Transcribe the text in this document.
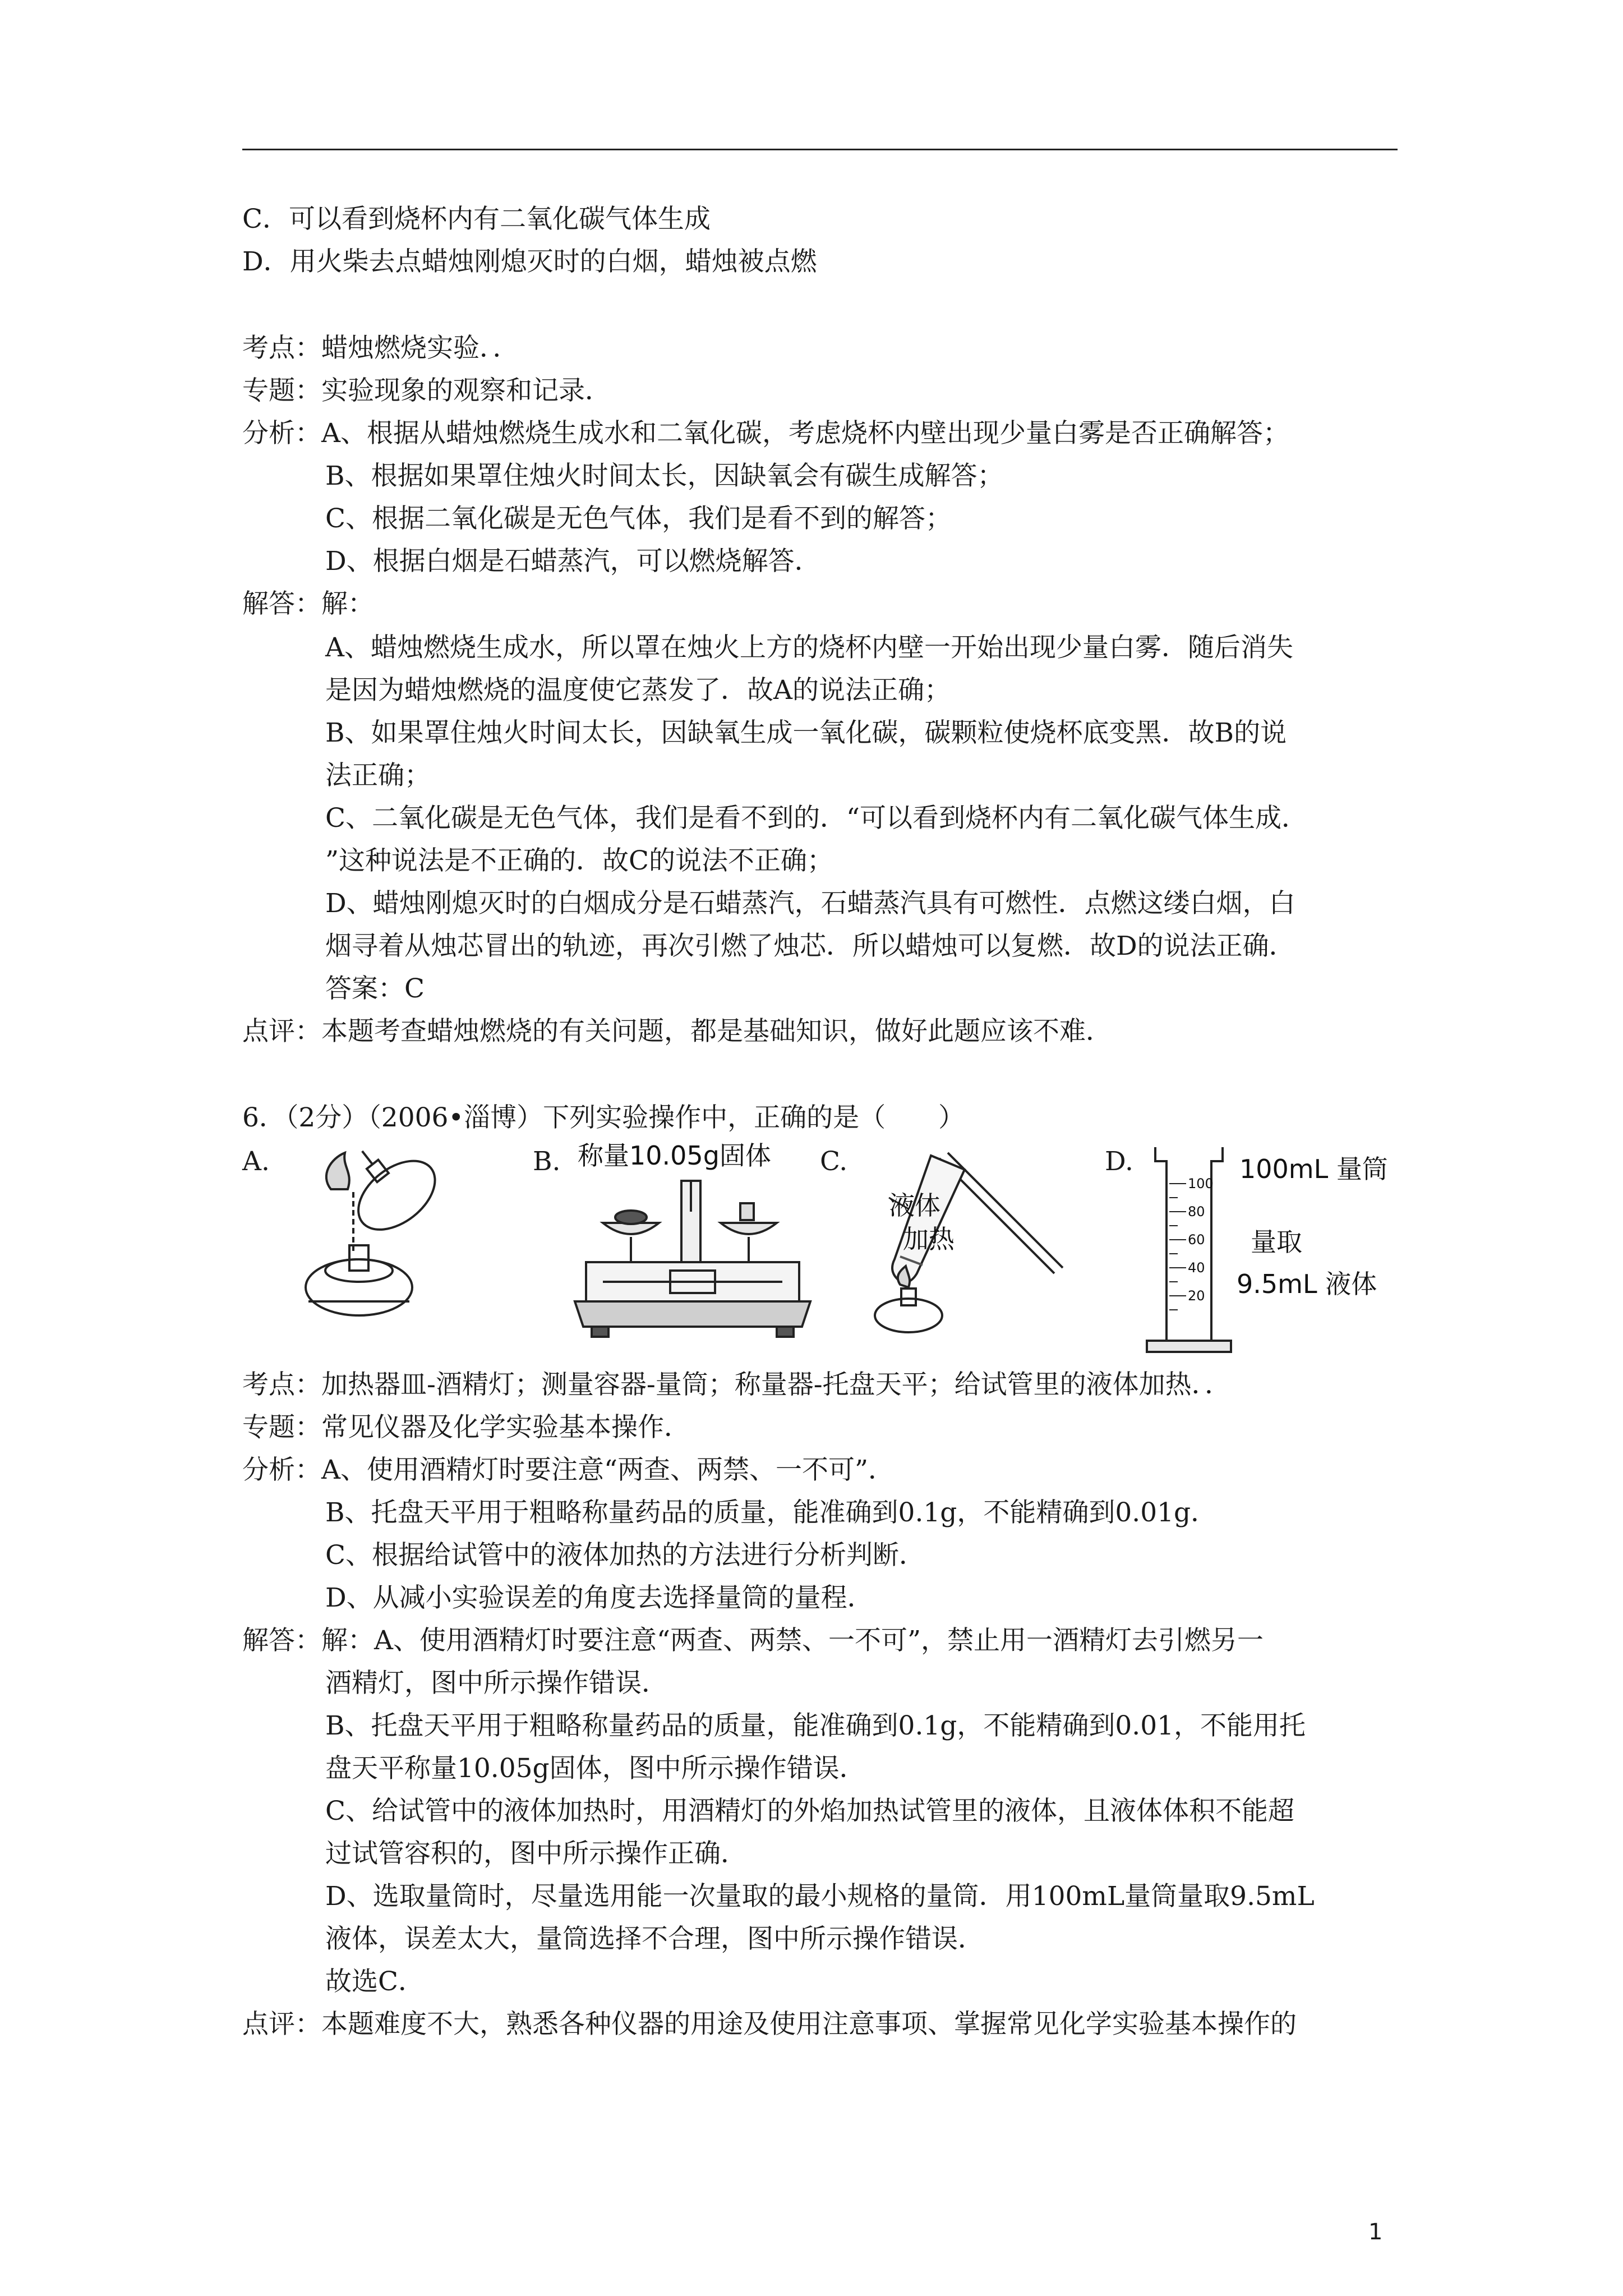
C．可以看到烧杯内有二氧化碳气体生成
D．用火柴去点蜡烛刚熄灭时的白烟，蜡烛被点燃
考点：蜡烛燃烧实验．．
专题：实验现象的观察和记录．
分析：A、根据从蜡烛燃烧生成水和二氧化碳，考虑烧杯内壁出现少量白雾是否正确解答；
B、根据如果罩住烛火时间太长，因缺氧会有碳生成解答；
C、根据二氧化碳是无色气体，我们是看不到的解答；
D、根据白烟是石蜡蒸汽，可以燃烧解答．
解答：解：
A、蜡烛燃烧生成水，所以罩在烛火上方的烧杯内壁一开始出现少量白雾．随后消失
是因为蜡烛燃烧的温度使它蒸发了．故A的说法正确；
B、如果罩住烛火时间太长，因缺氧生成一氧化碳，碳颗粒使烧杯底变黑．故B的说
法正确；
C、二氧化碳是无色气体，我们是看不到的．“可以看到烧杯内有二氧化碳气体生成．
”这种说法是不正确的．故C的说法不正确；
D、蜡烛刚熄灭时的白烟成分是石蜡蒸汽，石蜡蒸汽具有可燃性．点燃这缕白烟，白
烟寻着从烛芯冒出的轨迹，再次引燃了烛芯．所以蜡烛可以复燃．故D的说法正确．
答案：C
点评：本题考查蜡烛燃烧的有关问题，都是基础知识，做好此题应该不难．
6．（2分）（2006•淄博）下列实验操作中，正确的是（　　）
A.	B.	C.	D.
称量10.05g固体
液体
加热
100
80
60
40
20
100mL 量筒
量取
9.5mL 液体
考点：加热器皿-酒精灯；测量容器-量筒；称量器-托盘天平；给试管里的液体加热．．
专题：常见仪器及化学实验基本操作．
分析：A、使用酒精灯时要注意“两查、两禁、一不可”．
B、托盘天平用于粗略称量药品的质量，能准确到0.1g，不能精确到0.01g．
C、根据给试管中的液体加热的方法进行分析判断．
D、从减小实验误差的角度去选择量筒的量程．
解答：解：A、使用酒精灯时要注意“两查、两禁、一不可”，禁止用一酒精灯去引燃另一
酒精灯，图中所示操作错误．
B、托盘天平用于粗略称量药品的质量，能准确到0.1g，不能精确到0.01，不能用托
盘天平称量10.05g固体，图中所示操作错误．
C、给试管中的液体加热时，用酒精灯的外焰加热试管里的液体，且液体体积不能超
过试管容积的，图中所示操作正确．
D、选取量筒时，尽量选用能一次量取的最小规格的量筒．用100mL量筒量取9.5mL
液体，误差太大，量筒选择不合理，图中所示操作错误．
故选C．
点评：本题难度不大，熟悉各种仪器的用途及使用注意事项、掌握常见化学实验基本操作的
1
